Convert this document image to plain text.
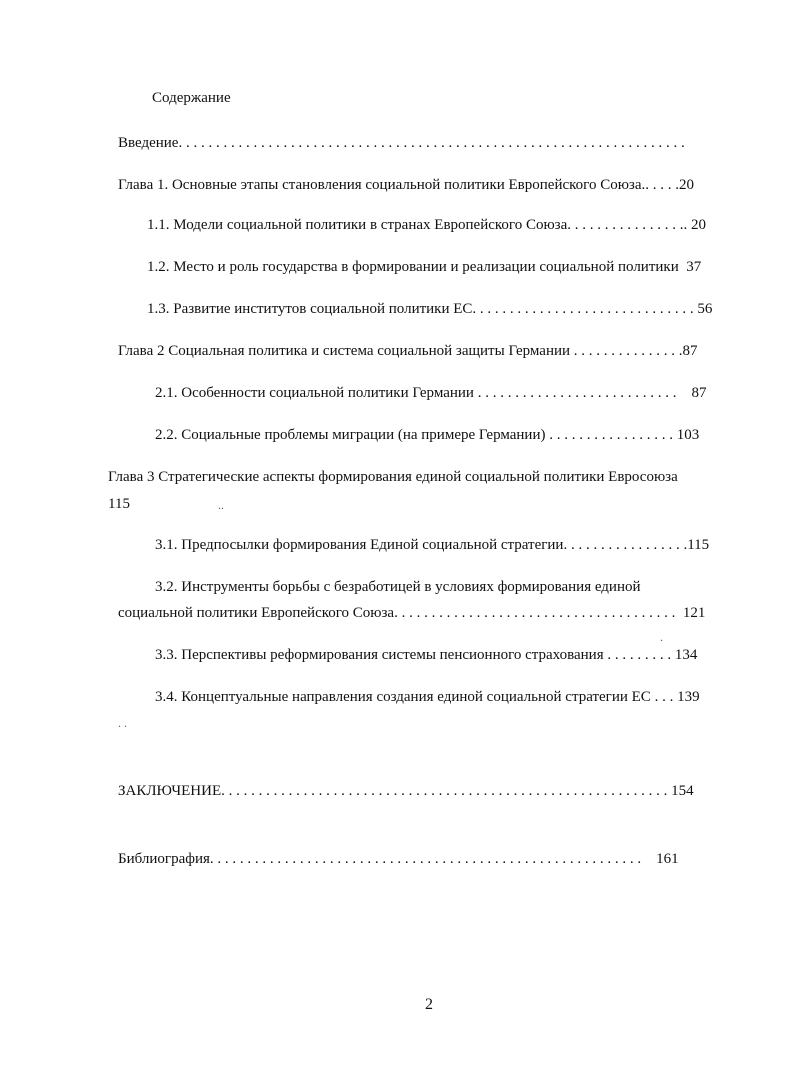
Содержание
Введение. . . . . . . . . . . . . . . . . . . . . . . . . . . . . . . . . . . . . . . . . . . . . . . . . . . . . . . . . . . . . . . . . . . .
Глава 1. Основные этапы становления социальной политики Европейского Союза.. . . . .20
1.1. Модели социальной политики в странах Европейского Союза. . . . . . . . . . . . . . . .. 20
1.2. Место и роль государства в формировании и реализации социальной политики 37
1.3. Развитие институтов социальной политики ЕС. . . . . . . . . . . . . . . . . . . . . . . . . . . . . . 56
Глава 2 Социальная политика и система социальной защиты Германии . . . . . . . . . . . . . . .87
2.1. Особенности социальной политики Германии . . . . . . . . . . . . . . . . . . . . . . . . . . . 87
2.2. Социальные проблемы миграции (на примере Германии) . . . . . . . . . . . . . . . . . 103
Глава 3 Стратегические аспекты формирования единой социальной политики Евросоюза
115	..
3.1. Предпосылки формирования Единой социальной стратегии. . . . . . . . . . . . . . . . .115
3.2. Инструменты борьбы с безработицей в условиях формирования единой
социальной политики Европейского Союза. . . . . . . . . . . . . . . . . . . . . . . . . . . . . . . . . . . . . . 121
.
3.3. Перспективы реформирования системы пенсионного страхования . . . . . . . . . 134
3.4. Концептуальные направления создания единой социальной стратегии ЕС . . . 139
. .
ЗАКЛЮЧЕНИЕ. . . . . . . . . . . . . . . . . . . . . . . . . . . . . . . . . . . . . . . . . . . . . . . . . . . . . . . . . . . . 154
Библиография. . . . . . . . . . . . . . . . . . . . . . . . . . . . . . . . . . . . . . . . . . . . . . . . . . . . . . . . . . 161
2
